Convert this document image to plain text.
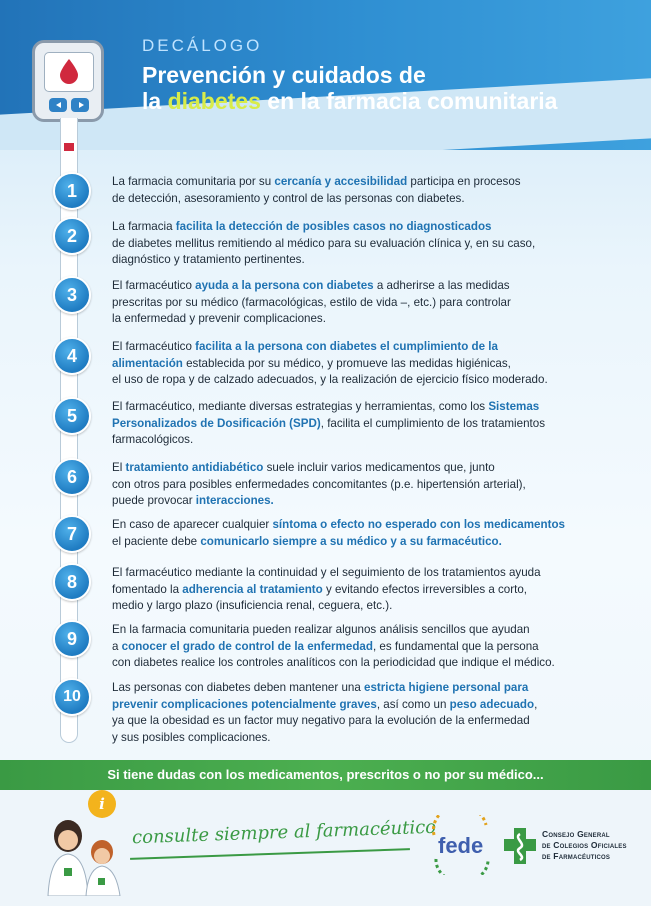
DECÁLOGO
Prevención y cuidados de
la diabetes en la farmacia comunitaria
1	La farmacia comunitaria por su cercanía y accesibilidad participa en procesos
de detección, asesoramiento y control de las personas con diabetes.
2	La farmacia facilita la detección de posibles casos no diagnosticados
de diabetes mellitus remitiendo al médico para su evaluación clínica y, en su caso,
diagnóstico y tratamiento pertinentes.
3	El farmacéutico ayuda a la persona con diabetes a adherirse a las medidas
prescritas por su médico (farmacológicas, estilo de vida –, etc.) para controlar
la enfermedad y prevenir complicaciones.
4	El farmacéutico facilita a la persona con diabetes el cumplimiento de la
alimentación establecida por su médico, y promueve las medidas higiénicas,
el uso de ropa y de calzado adecuados, y la realización de ejercicio físico moderado.
5	El farmacéutico, mediante diversas estrategias y herramientas, como los Sistemas
Personalizados de Dosificación (SPD), facilita el cumplimiento de los tratamientos
farmacológicos.
6	El tratamiento antidiabético suele incluir varios medicamentos que, junto
con otros para posibles enfermedades concomitantes (p.e. hipertensión arterial),
puede provocar interacciones.
7	En caso de aparecer cualquier síntoma o efecto no esperado con los medicamentos
el paciente debe comunicarlo siempre a su médico y a su farmacéutico.
8	El farmacéutico mediante la continuidad y el seguimiento de los tratamientos ayuda
fomentado la adherencia al tratamiento y evitando efectos irreversibles a corto,
medio y largo plazo (insuficiencia renal, ceguera, etc.).
9	En la farmacia comunitaria pueden realizar algunos análisis sencillos que ayudan
a conocer el grado de control de la enfermedad, es fundamental que la persona
con diabetes realice los controles analíticos con la periodicidad que indique el médico.
10
Las personas con diabetes deben mantener una estricta higiene personal para
prevenir complicaciones potencialmente graves, así como un peso adecuado,
ya que la obesidad es un factor muy negativo para la evolución de la enfermedad
y sus posibles complicaciones.
Si tiene dudas con los medicamentos, prescritos o no por su médico...
i
consulte siempre al farmacéutico fede	Consejo General
de Colegios Oficiales
de Farmacéuticos
